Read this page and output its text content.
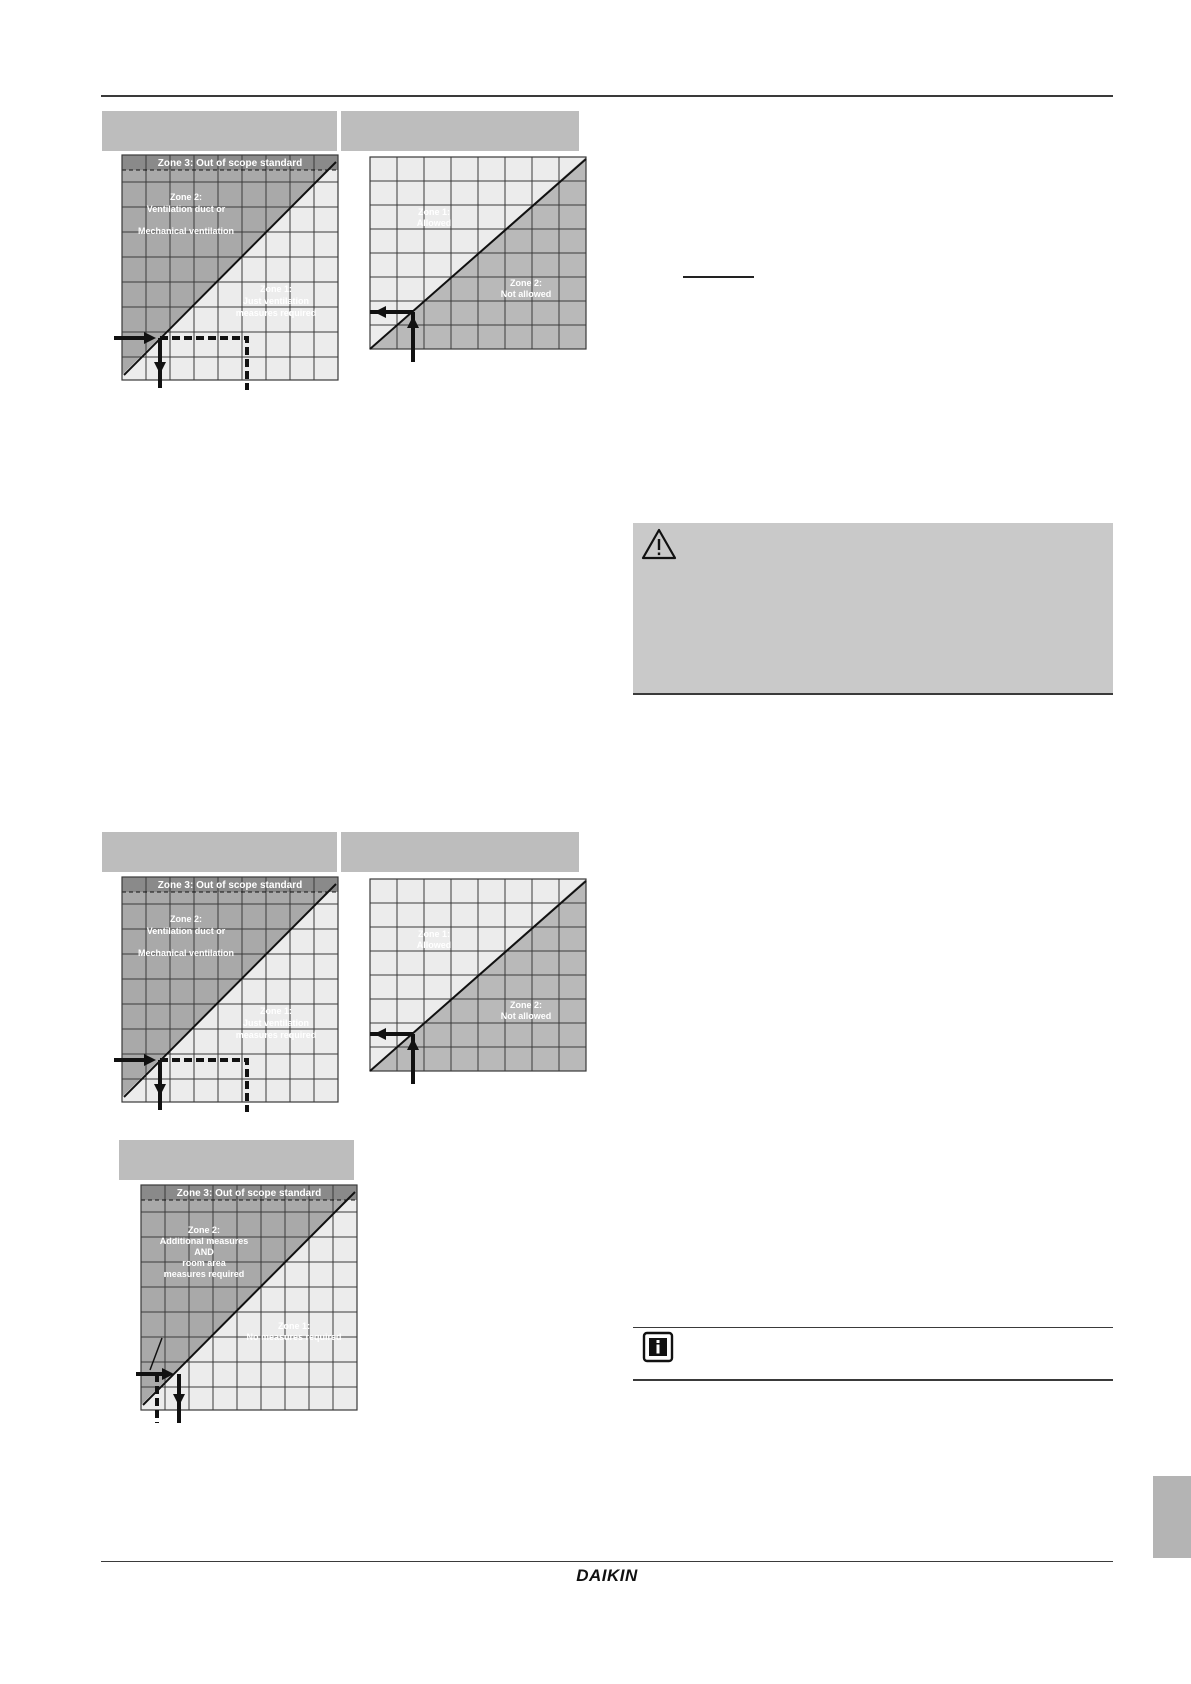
Zone 3: Out of scope standard
Zone 2:
Ventilation duct or
Mechanical ventilation
Zone 1:
Just ventilation
measures required
Zone 1:
Allowed
Zone 2:
Not allowed
Zone 3: Out of scope standard
Zone 2:
Ventilation duct or
Mechanical ventilation
Zone 1:
Just ventilation
measures required
Zone 1:
Allowed
Zone 2:
Not allowed
Zone 3: Out of scope standard
Zone 2:
Additional measures
AND
room area
measures required
Zone 1:
No measures required
DAIKIN
